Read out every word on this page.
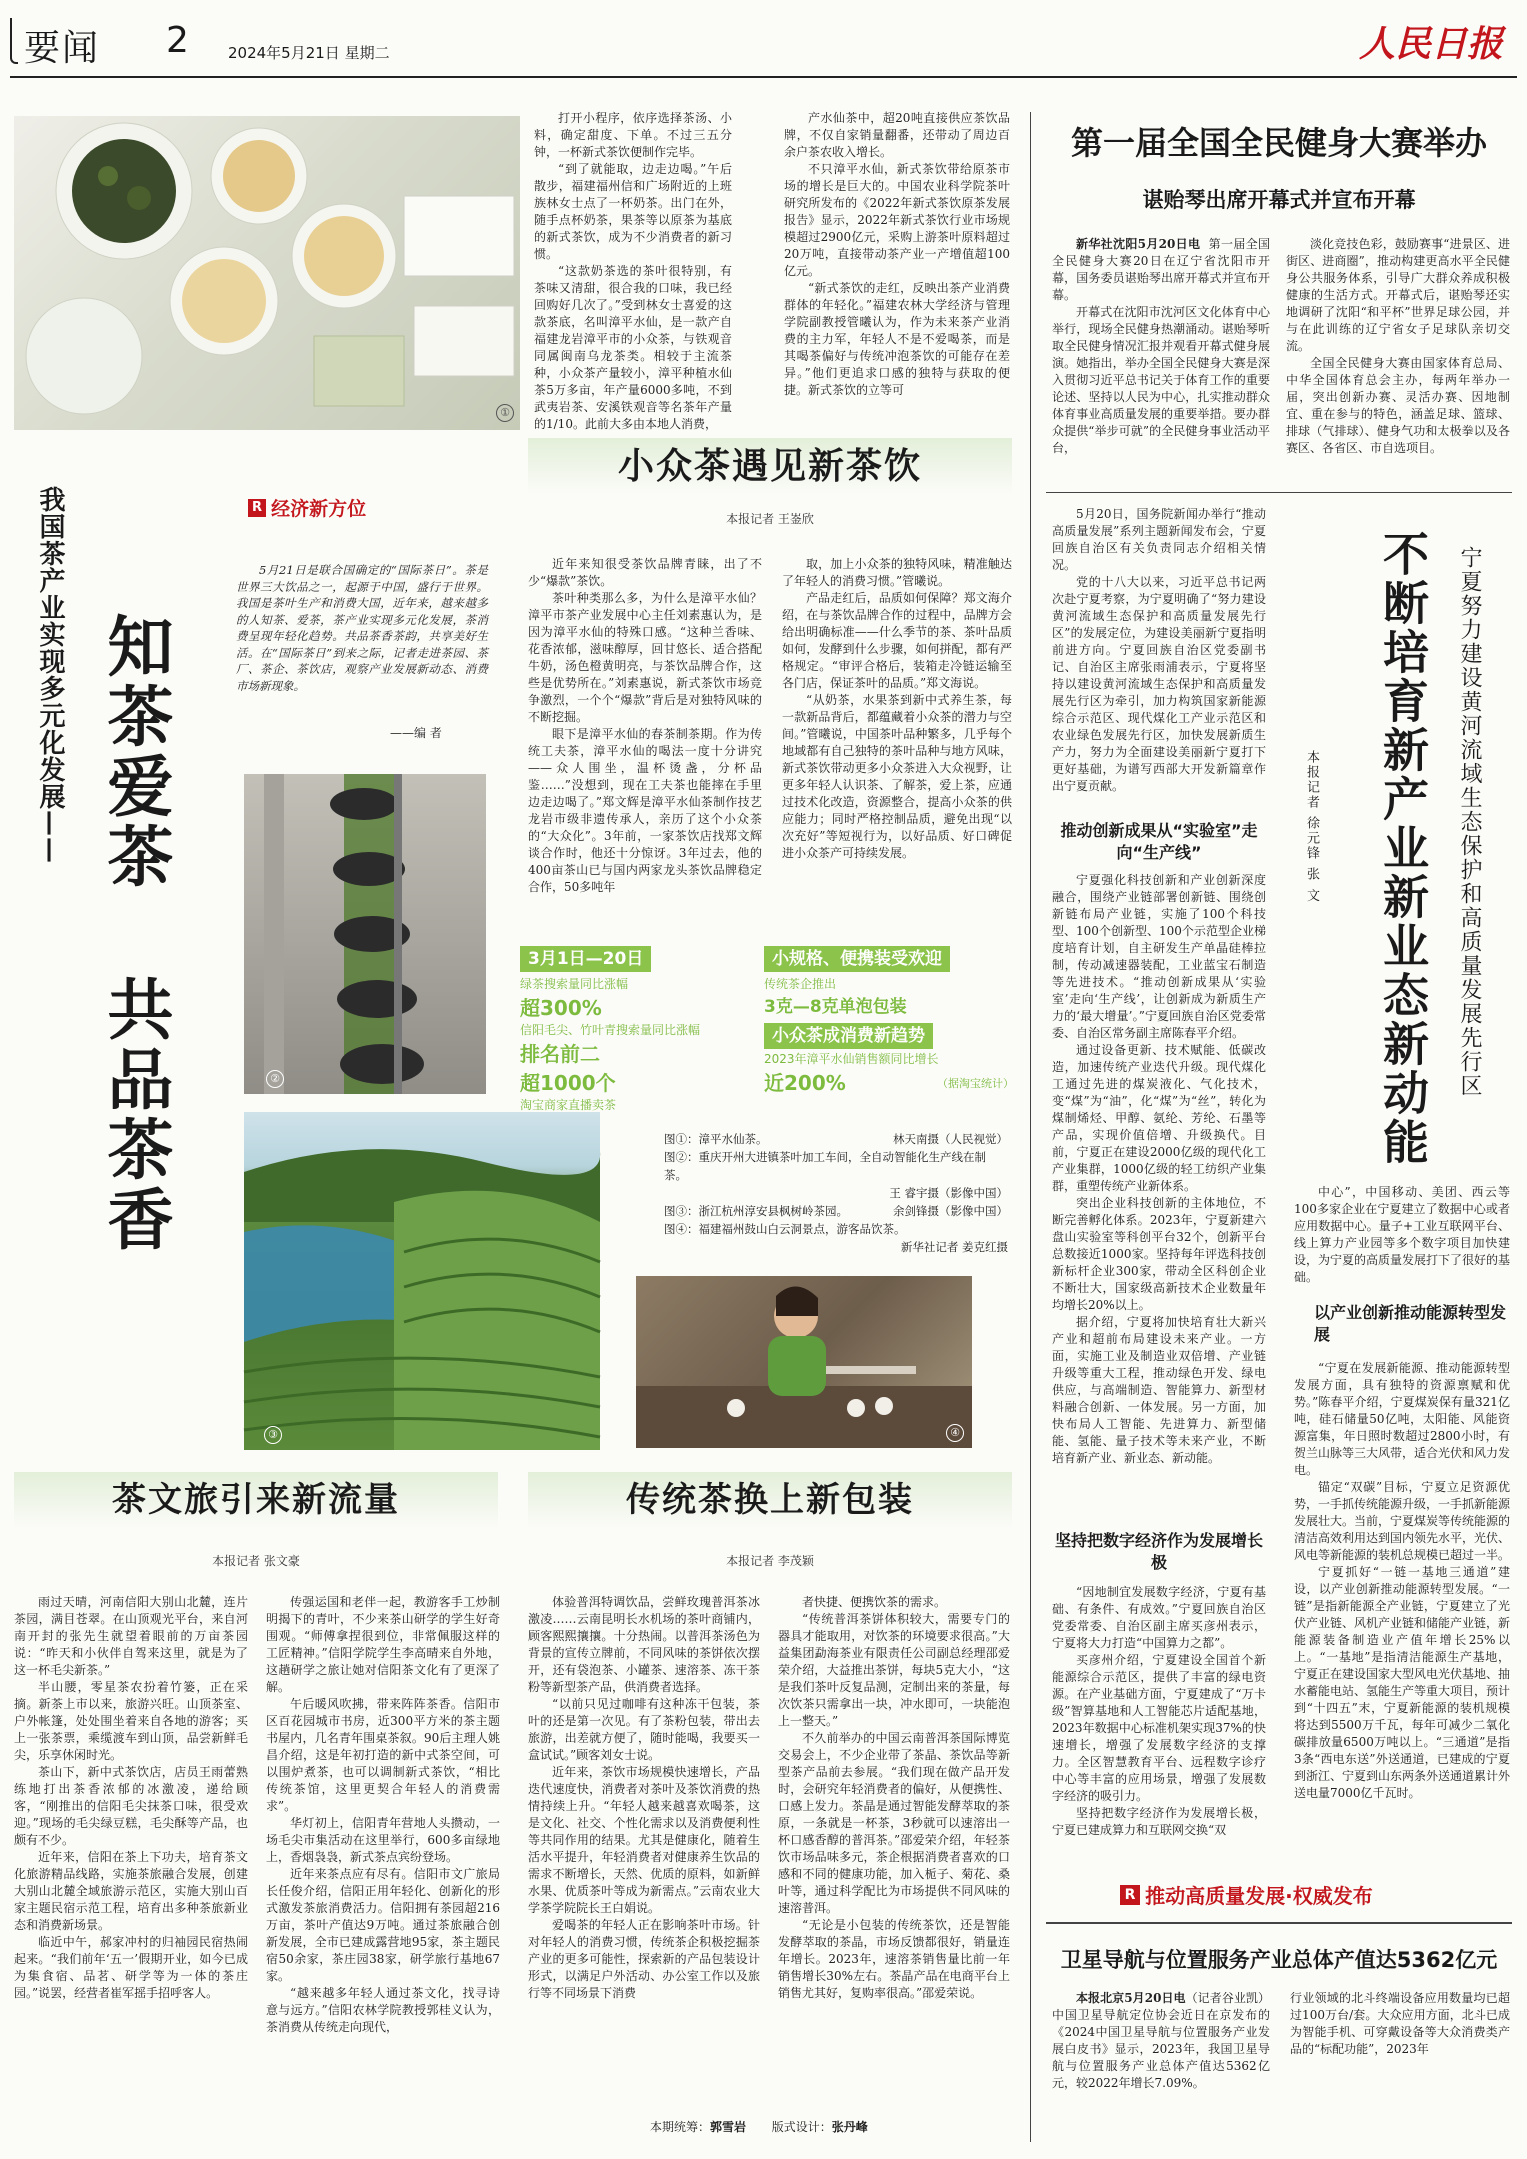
要闻 2	2024年5月21日 星期二	人民日报
①
R 经济新方位
我国茶产业实现多元化发展—— 知茶爱茶
共品茶香

5月21日是联合国确定的“国际茶日”。茶是世界三大饮品之一，起源于中国，盛行于世界。我国是茶叶生产和消费大国，近年来，越来越多的人知茶、爱茶，茶产业实现多元化发展，茶消费呈现年轻化趋势。共品茶香茶韵，共享美好生活。在“国际茶日”到来之际，记者走进茶园、茶厂、茶企、茶饮店，观察产业发展新动态、消费市场新现象。

——编 者
②
③

打开小程序，依序选择茶汤、小料，确定甜度、下单。不过三五分钟，一杯新式茶饮便制作完毕。

“到了就能取，边走边喝。”午后散步，福建福州信和广场附近的上班族林女士点了一杯奶茶。出门在外，随手点杯奶茶，果茶等以原茶为基底的新式茶饮，成为不少消费者的新习惯。

“这款奶茶选的茶叶很特别，有茶味又清甜，很合我的口味，我已经回购好几次了。”受到林女士喜爱的这款茶底，名叫漳平水仙，是一款产自福建龙岩漳平市的小众茶，与铁观音同属闽南乌龙茶类。相较于主流茶种，小众茶产量较小，漳平种植水仙茶5万多亩，年产量6000多吨，不到武夷岩茶、安溪铁观音等名茶年产量的1/10。此前大多由本地人消费，

产水仙茶中，超20吨直接供应茶饮品牌，不仅自家销量翻番，还带动了周边百余户茶农收入增长。

不只漳平水仙，新式茶饮带给原茶市场的增长是巨大的。中国农业科学院茶叶研究所发布的《2022年新式茶饮原茶发展报告》显示，2022年新式茶饮行业市场规模超过2900亿元，采购上游茶叶原料超过20万吨，直接带动茶产业一产增值超100亿元。

“新式茶饮的走红，反映出茶产业消费群体的年轻化。”福建农林大学经济与管理学院副教授管曦认为，作为未来茶产业消费的主力军，年轻人不是不爱喝茶，而是其喝茶偏好与传统冲泡茶饮的可能存在差异。”他们更追求口感的独特与获取的便捷。新式茶饮的立等可

小众茶遇见新茶饮
本报记者 王崟欣

近年来知很受茶饮品牌青睐，出了不少“爆款”茶饮。

茶叶种类那么多，为什么是漳平水仙？漳平市茶产业发展中心主任刘素惠认为，是因为漳平水仙的特殊口感。“这种兰香味、花香浓郁，滋味醇厚，回甘悠长、适合搭配牛奶，汤色橙黄明亮，与茶饮品牌合作，这些是优势所在。”刘素惠说，新式茶饮市场竞争激烈，一个个“爆款”背后是对独特风味的不断挖掘。

眼下是漳平水仙的春茶制茶期。作为传统工夫茶，漳平水仙的喝法一度十分讲究——众人围坐，温杯烫盏，分杯品鉴……”没想到，现在工夫茶也能摔在手里边走边喝了。”郑文辉是漳平水仙茶制作技艺龙岩市级非遗传承人，亲历了这个小众茶的“大众化”。3年前，一家茶饮店找郑文辉谈合作时，他还十分惊讶。3年过去，他的400亩茶山已与国内两家龙头茶饮品牌稳定合作，50多吨年

取，加上小众茶的独特风味，精准触达了年轻人的消费习惯。”管曦说。

产品走红后，品质如何保障？郑文海介绍，在与茶饮品牌合作的过程中，品牌方会给出明确标准——什么季节的茶、茶叶品质如何，发酵到什么步骤，如何拼配，都有严格规定。“审评合格后，装箱走冷链运输至各门店，保证茶叶的品质。”郑文海说。

“从奶茶，水果茶到新中式养生茶，每一款新品背后，都蕴藏着小众茶的潜力与空间。”管曦说，中国茶叶品种繁多，几乎每个地域都有自己独特的茶叶品种与地方风味，新式茶饮带动更多小众茶进入大众视野，让更多年轻人认识茶、了解茶，爱上茶，应通过技术化改造，资源整合，提高小众茶的供应能力；同时严格控制品质，避免出现“以次充好”等短视行为，以好品质、好口碑促进小众茶产可持续发展。

3月1日—20日
绿茶搜索量同比涨幅
超300%
信阳毛尖、竹叶青搜索量同比涨幅
排名前二
超1000个
淘宝商家直播卖茶
小规格、便携装受欢迎
传统茶企推出
3克—8克单泡包装
小众茶成消费新趋势
2023年漳平水仙销售额同比增长
近200%	（据淘宝统计）
图①：漳平水仙茶。	林天南摄（人民视觉）
图②：重庆开州大进镇茶叶加工车间，全自动智能化生产线在制茶。
王 睿宇摄（影像中国）
图③：浙江杭州淳安县枫树岭茶园。	余剑锋摄（影像中国）
图④：福建福州鼓山白云洞景点，游客品饮茶。
新华社记者 姜克红摄
④
茶文旅引来新流量
本报记者 张文豪

雨过天晴，河南信阳大别山北麓，连片茶园，满目苍翠。在山顶观光平台，来自河南开封的张先生就望着眼前的万亩茶园说：“昨天和小伙伴自驾来这里，就是为了这一杯毛尖新茶。”

半山腰，零星茶农扮着竹篓，正在采摘。新茶上市以来，旅游兴旺。山顶茶室、户外帐篷，处处围坐着来自各地的游客；买上一张茶票，乘缆渡车到山顶，品尝新鲜毛尖，乐享休闲时光。

茶山下，新中式茶饮店，店员王雨蕾熟练地打出茶香浓郁的冰激凌，递给顾客，“刚推出的信阳毛尖抹茶口味，很受欢迎。”现场的毛尖绿豆糕，毛尖酥等产品，也颇有不少。

近年来，信阳在茶上下功夫，培育茶文化旅游精品线路，实施茶旅融合发展，创建大别山北麓全域旅游示范区，实施大别山百家主题民宿示范工程，培育出多种茶旅新业态和消费新场景。

临近中午，郝家冲村的归袖园民宿热闹起来。“我们前年‘五一’假期开业，如今已成为集食宿、品茗、研学等为一体的茶庄园。”说罢，经营者崔军摇手招呼客人。

传强运国和老伴一起，教游客手工炒制明揭下的青叶，不少来茶山研学的学生好奇围观。“师傅拿捏很到位，非常佩服这样的工匠精神。”信阳学院学生李高晴来自外地，这趟研学之旅让她对信阳茶文化有了更深了解。

午后暖风吹拂，带来阵阵茶香。信阳市区百花园城市书房，近300平方米的茶主题书屋内，几名青年围桌茶叙。90后主理人姚昌介绍，这是年初打造的新中式茶空间，可以围炉煮茶，也可以调制新式茶饮，“相比传统茶馆，这里更契合年轻人的消费需求”。

华灯初上，信阳青年营地人头攒动，一场毛尖市集活动在这里举行，600多亩绿地上，香烟袅袅，新式茶点宾纷登场。

近年来茶点应有尽有。信阳市文广旅局长任俊介绍，信阳正用年轻化、创新化的形式激发茶旅消费活力。信阳拥有茶园超216万亩，茶叶产值达9万吨。通过茶旅融合创新发展，全市已建成露营地95家，茶主题民宿50余家，茶庄园38家，研学旅行基地67家。

“越来越多年轻人通过茶文化，找寻诗意与远方。”信阳农林学院教授郭桂义认为，茶消费从传统走向现代，

传统茶换上新包装
本报记者 李茂颖

体验普洱特调饮品，尝鲜玫瑰普洱茶冰激凌……云南昆明长水机场的茶叶商铺内，顾客熙熙攘攘。十分热闹。以普洱茶汤色为背景的宣传立牌前，不同风味的茶饼依次摆开，还有袋泡茶、小罐茶、速溶茶、冻干茶粉等新型茶产品，供消费者选择。

“以前只见过咖啡有这种冻干包装，茶叶的还是第一次见。有了茶粉包装，带出去旅游，出差就方便了，随时能喝，我要买一盒试试。”顾客刘女士说。

近年来，茶饮市场规模快速增长，产品迭代速度快，消费者对茶叶及茶饮消费的热情持续上升。“年轻人越来越喜欢喝茶，这是文化、社交、个性化需求以及消费便利性等共同作用的结果。尤其是健康化，随着生活水平提升，年轻消费者对健康养生饮品的需求不断增长，天然、优质的原料，如新鲜水果、优质茶叶等成为新需点。”云南农业大学茶学院院长王白娟说。

爱喝茶的年轻人正在影响茶叶市场。针对年轻人的消费习惯，传统茶企积极挖掘茶产业的更多可能性，探索新的产品包装设计形式，以满足户外活动、办公室工作以及旅行等不同场景下消费

者快捷、便携饮茶的需求。

“传统普洱茶饼体积较大，需要专门的器具才能取用，对饮茶的环境要求很高。”大益集团勐海茶业有限责任公司副总经理邵爱荣介绍，大益推出茶饼，每块5克大小，“这是我们茶叶反复品测，定制出来的茶量，每次饮茶只需拿出一块，冲水即可，一块能泡上一整天。”

不久前举办的中国云南普洱茶国际博览交易会上，不少企业带了茶晶、茶饮品等新型茶产品前去参展。“我们现在做产品开发时，会研究年轻消费者的偏好，从便携性、口感上发力。茶晶是通过智能发酵萃取的茶原，一条就是一杯茶，3秒就可以速溶出一杯口感香醇的普洱茶。”邵爱荣介绍，年轻茶饮市场品味多元，茶企根据消费者喜欢的口感和不同的健康功能，加入栀子、菊花、桑叶等，通过科学配比为市场提供不同风味的速溶普洱。

“无论是小包装的传统茶饮，还是智能发酵萃取的茶晶，市场反馈都很好，销量连年增长。2023年，速溶茶销售量比前一年销售增长30%左右。茶晶产品在电商平台上销售尤其好，复购率很高。”邵爱荣说。

本期统筹：郭雪岩 版式设计：张丹峰
第一届全国全民健身大赛举办
谌贻琴出席开幕式并宣布开幕

新华社沈阳5月20日电 第一届全国全民健身大赛20日在辽宁省沈阳市开幕，国务委员谌贻琴出席开幕式并宣布开幕。

开幕式在沈阳市沈河区文化体育中心举行，现场全民健身热潮涌动。谌贻琴听取全民健身情况汇报并观看开幕式健身展演。她指出，举办全国全民健身大赛是深入贯彻习近平总书记关于体育工作的重要论述、坚持以人民为中心，扎实推动群众体育事业高质量发展的重要举措。要办群众提供“举步可就”的全民健身事业活动平台，

淡化竞技色彩，鼓励赛事“进景区、进街区、进商圈”，推动构建更高水平全民健身公共服务体系，引导广大群众养成积极健康的生活方式。开幕式后，谌贻琴还实地调研了沈阳“和平杯”世界足球公园，并与在此训练的辽宁省女子足球队亲切交流。

全国全民健身大赛由国家体育总局、中华全国体育总会主办，每两年举办一届，突出创新办赛、灵活办赛、因地制宜、重在参与的特色，涵盖足球、篮球、排球（气排球）、健身气功和太极拳以及各赛区、各省区、市自选项目。

5月20日，国务院新闻办举行“推动高质量发展”系列主题新闻发布会，宁夏回族自治区有关负责同志介绍相关情况。

党的十八大以来，习近平总书记两次赴宁夏考察，为宁夏明确了“努力建设黄河流域生态保护和高质量发展先行区”的发展定位，为建设美丽新宁夏指明前进方向。宁夏回族自治区党委副书记、自治区主席张雨浦表示，宁夏将坚持以建设黄河流域生态保护和高质量发展先行区为牵引，加力构筑国家新能源综合示范区、现代煤化工产业示范区和农业绿色发展先行区，加快发展新质生产力，努力为全面建设美丽新宁夏打下更好基础，为谱写西部大开发新篇章作出宁夏贡献。	本报记者 徐元锋 张 文 不断培育新产业新业态新动能 宁夏努力建设黄河流域生态保护和高质量发展先行区
推动创新成果从“实验室”走向“生产线”

宁夏强化科技创新和产业创新深度融合，围绕产业链部署创新链、围绕创新链布局产业链，实施了100个科技型、100个创新型、100个示范型企业梯度培育计划，自主研发生产单晶硅棒拉制，传动减速器装配，工业蓝宝石制造等先进技术。“推动创新成果从‘实验室’走向‘生产线’，让创新成为新质生产力的‘最大增量’。”宁夏回族自治区党委常委、自治区常务副主席陈春平介绍。

通过设备更新、技术赋能、低碳改造，加速传统产业迭代升级。现代煤化工通过先进的煤炭液化、气化技术，变“煤”为“油”，化“煤”为“丝”，转化为煤制烯烃、甲醇、氨纶、芳纶、石墨等产品，实现价值倍增、升级换代。目前，宁夏正在建设2000亿级的现代化工产业集群，1000亿级的轻工纺织产业集群，重塑传统产业新体系。

突出企业科技创新的主体地位，不断完善孵化体系。2023年，宁夏新建六盘山实验室等科创平台32个，创新平台总数接近1000家。坚持每年评选科技创新标杆企业300家，带动全区科创企业不断壮大，国家级高新技术企业数量年均增长20%以上。

据介绍，宁夏将加快培育壮大新兴产业和超前布局建设未来产业。一方面，实施工业及制造业双倍增、产业链升级等重大工程，推动绿色开发、绿电供应，与高端制造、智能算力、新型材料融合创新、一体发展。另一方面，加快布局人工智能、先进算力、新型储能、氢能、量子技术等未来产业，不断培育新产业、新业态、新动能。

坚持把数字经济作为发展增长极

“因地制宜发展数字经济，宁夏有基础、有条件、有成效。”宁夏回族自治区党委常委、自治区副主席买彦州表示，宁夏将大力打造“中国算力之都”。

买彦州介绍，宁夏建设全国首个新能源综合示范区，提供了丰富的绿电资源。在产业基础方面，宁夏建成了“万卡级”智算基地和人工智能芯片适配基地，2023年数据中心标准机架实现37%的快速增长，增强了发展数字经济的支撑力。全区智慧教育平台、远程数字诊疗中心等丰富的应用场景，增强了发展数字经济的吸引力。

坚持把数字经济作为发展增长极，宁夏已建成算力和互联网交换“双

中心”，中国移动、美团、西云等100多家企业在宁夏建立了数据中心或者应用数据中心。量子+工业互联网平台、线上算力产业园等多个数字项目加快建设，为宁夏的高质量发展打下了很好的基础。

以产业创新推动能源转型发展

“宁夏在发展新能源、推动能源转型发展方面，具有独特的资源禀赋和优势。”陈春平介绍，宁夏煤炭保有量321亿吨，硅石储量50亿吨，太阳能、风能资源富集，年日照时数超过2800小时，有贺兰山脉等三大风带，适合光伏和风力发电。

锚定“双碳”目标，宁夏立足资源优势，一手抓传统能源升级，一手抓新能源发展壮大。当前，宁夏煤炭等传统能源的清洁高效利用达到国内领先水平，光伏、风电等新能源的装机总规模已超过一半。

宁夏抓好“一链一基地三通道”建设，以产业创新推动能源转型发展。“一链”是指新能源全产业链，宁夏建立了光伏产业链、风机产业链和储能产业链，新能源装备制造业产值年增长25%以上。“一基地”是指清洁能源生产基地，宁夏正在建设国家大型风电光伏基地、抽水蓄能电站、氢能生产等重大项目，预计到“十四五”末，宁夏新能源的装机规模将达到5500万千瓦，每年可减少二氧化碳排放量6500万吨以上。“三通道”是指3条“西电东送”外送通道，已建成的宁夏到浙江、宁夏到山东两条外送通道累计外送电量7000亿千瓦时。

R 推动高质量发展·权威发布
卫星导航与位置服务产业总体产值达5362亿元

本报北京5月20日电（记者谷业凯）中国卫星导航定位协会近日在京发布的《2024中国卫星导航与位置服务产业发展白皮书》显示，2023年，我国卫星导航与位置服务产业总体产值达5362亿元，较2022年增长7.09%。

行业领域的北斗终端设备应用数量均已超过100万台/套。大众应用方面，北斗已成为智能手机、可穿戴设备等大众消费类产品的“标配功能”，2023年
